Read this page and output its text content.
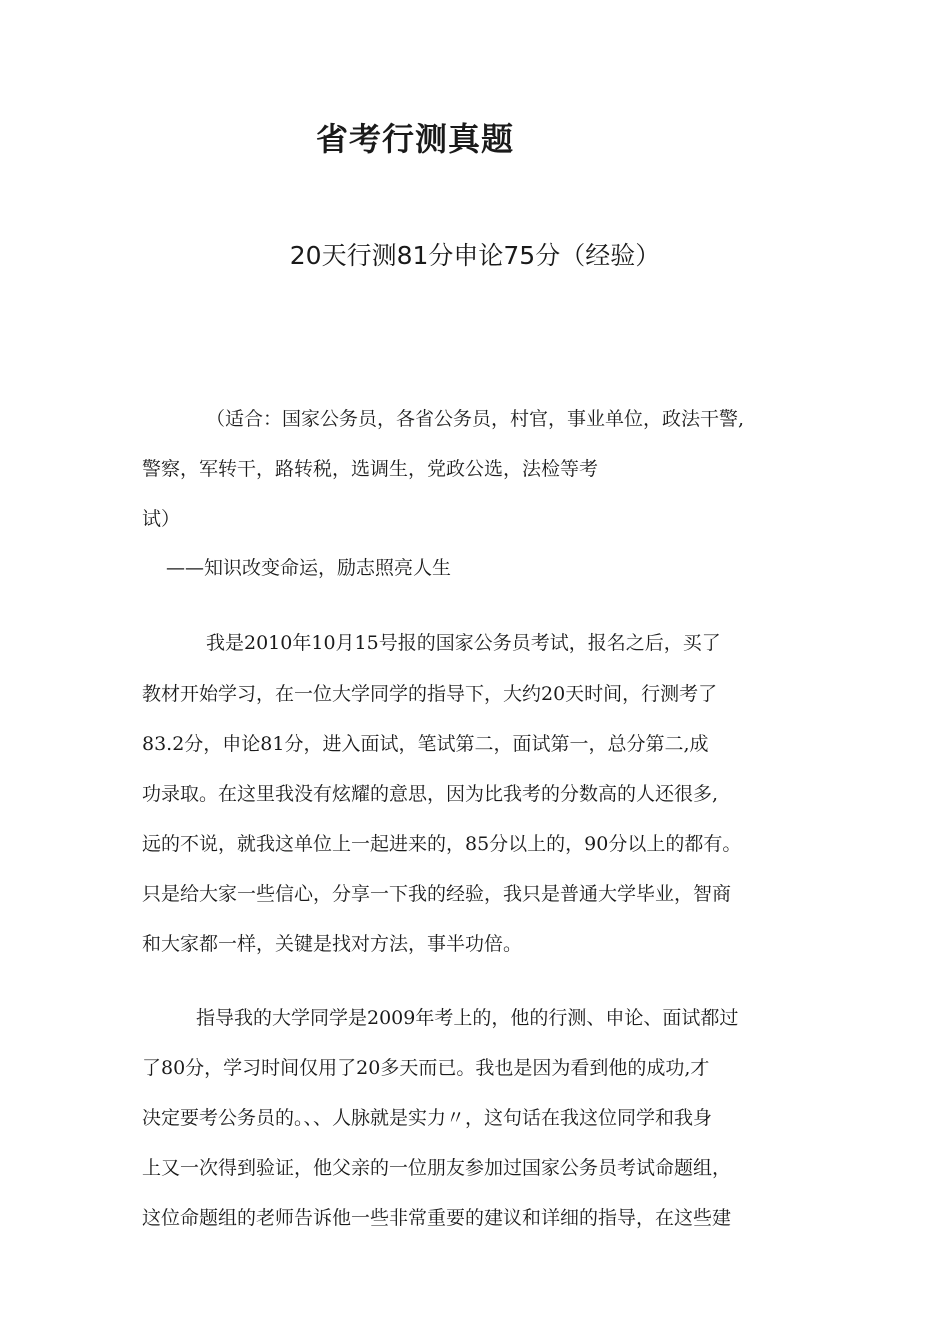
省考行测真题
20天行测81分申论75分（经验）

（适合：国家公务员，各省公务员，村官，事业单位，政法干警,

警察，军转干，路转税，选调生，党政公选，法检等考

试）

——知识改变命运，励志照亮人生

我是2010年10月15号报的国家公务员考试，报名之后，买了

教材开始学习，在一位大学同学的指导下，大约20天时间，行测考了

83.2分，申论81分，进入面试，笔试第二，面试第一，总分第二,成

功录取。在这里我没有炫耀的意思，因为比我考的分数高的人还很多,

远的不说，就我这单位上一起进来的，85分以上的，90分以上的都有。

只是给大家一些信心，分享一下我的经验，我只是普通大学毕业，智商

和大家都一样，关键是找对方法，事半功倍。

指导我的大学同学是2009年考上的，他的行测、申论、面试都过

了80分，学习时间仅用了20多天而已。我也是因为看到他的成功,才

决定要考公务员的。、、人脉就是实力〃，这句话在我这位同学和我身

上又一次得到验证，他父亲的一位朋友参加过国家公务员考试命题组，

这位命题组的老师告诉他一些非常重要的建议和详细的指导，在这些建
